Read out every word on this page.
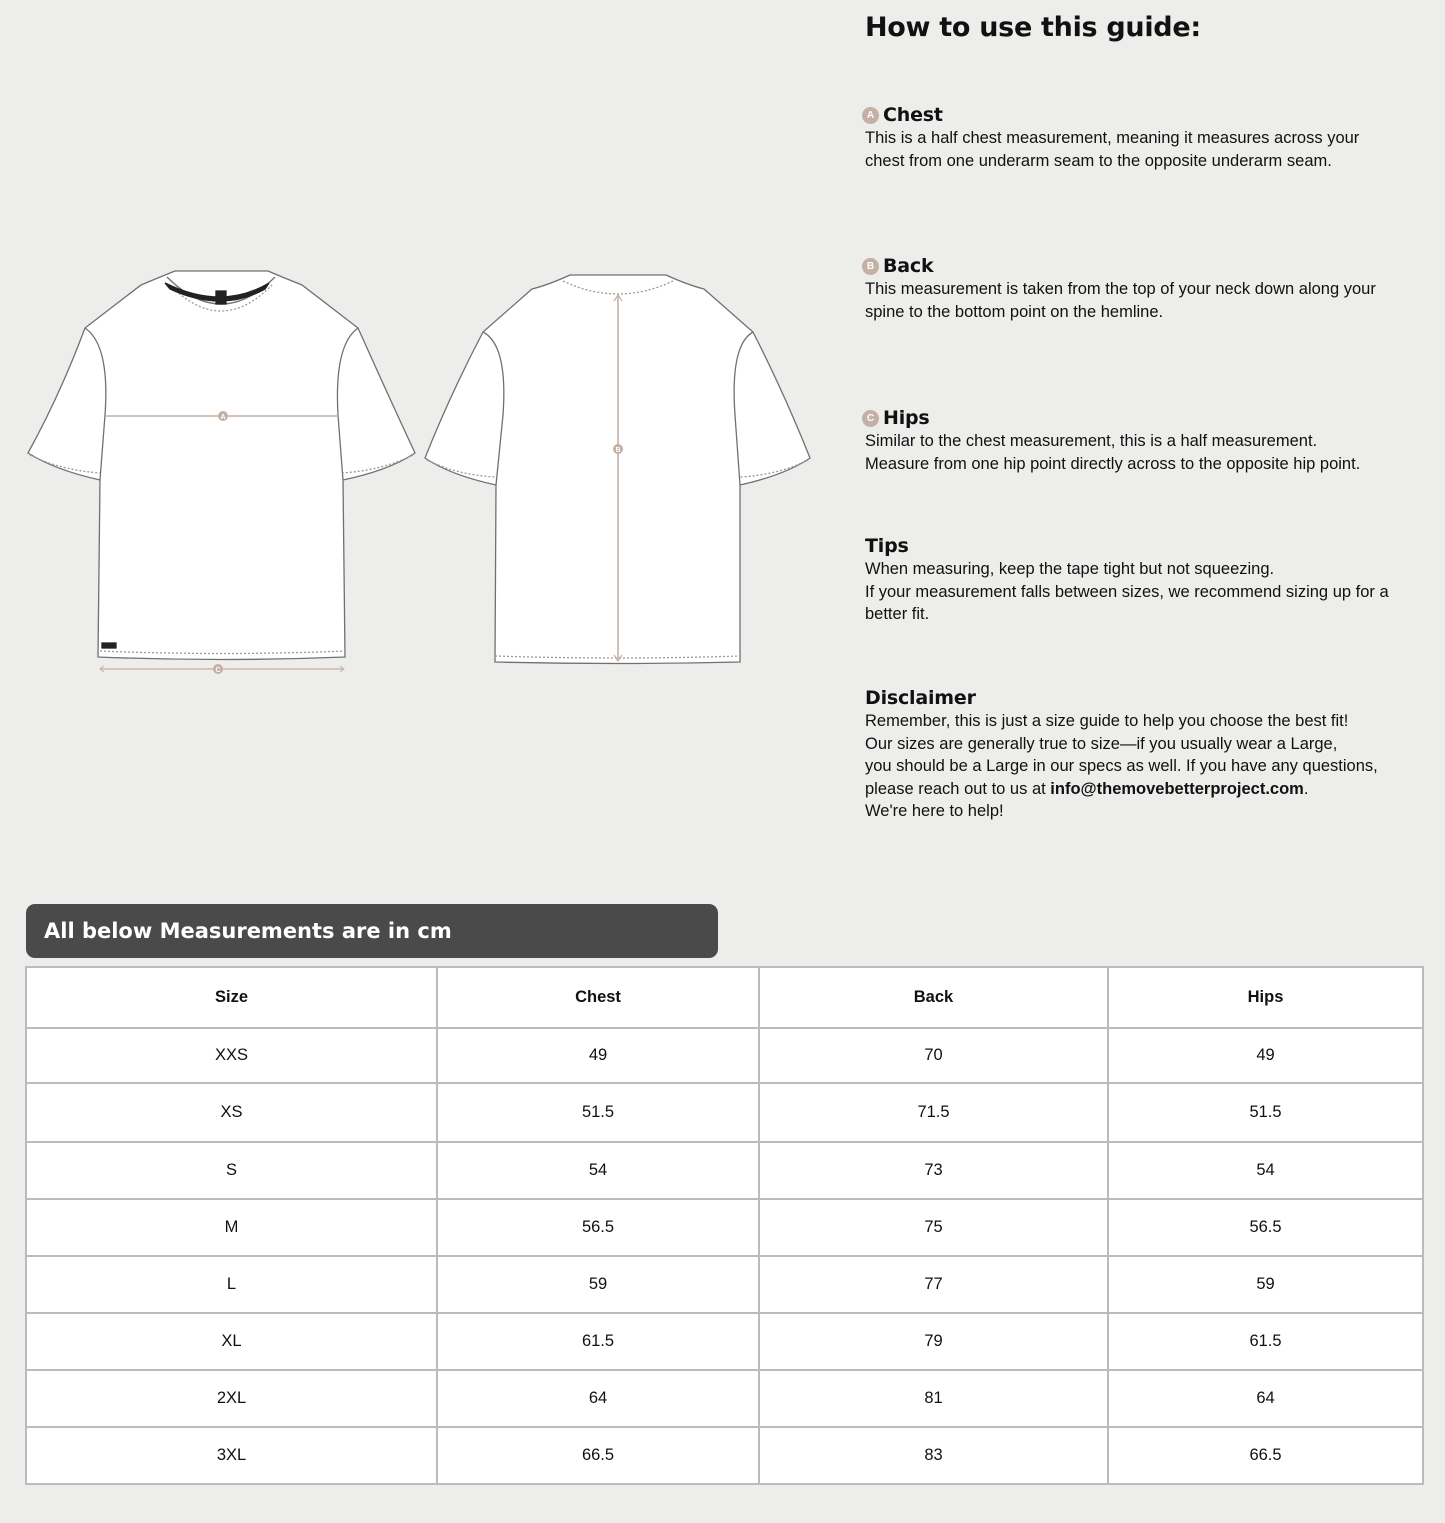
A
C
B
How to use this guide:
A Chest

This is a half chest measurement, meaning it measures across your

chest from one underarm seam to the opposite underarm seam.

B Back

This measurement is taken from the top of your neck down along your

spine to the bottom point on the hemline.

C Hips

Similar to the chest measurement, this is a half measurement.

Measure from one hip point directly across to the opposite hip point.

Tips

When measuring, keep the tape tight but not squeezing.

If your measurement falls between sizes, we recommend sizing up for a

better fit.

Disclaimer

Remember, this is just a size guide to help you choose the best fit!

Our sizes are generally true to size—if you usually wear a Large,

you should be a Large in our specs as well. If you have any questions,

please reach out to us at info@themovebetterproject.com.

We're here to help!

All below Measurements are in cm
Size	Chest	Back	Hips
XXS	49	70	49
XS	51.5	71.5	51.5
S	54	73	54
M	56.5	75	56.5
L	59	77	59
XL	61.5	79	61.5
2XL	64	81	64
3XL	66.5	83	66.5
